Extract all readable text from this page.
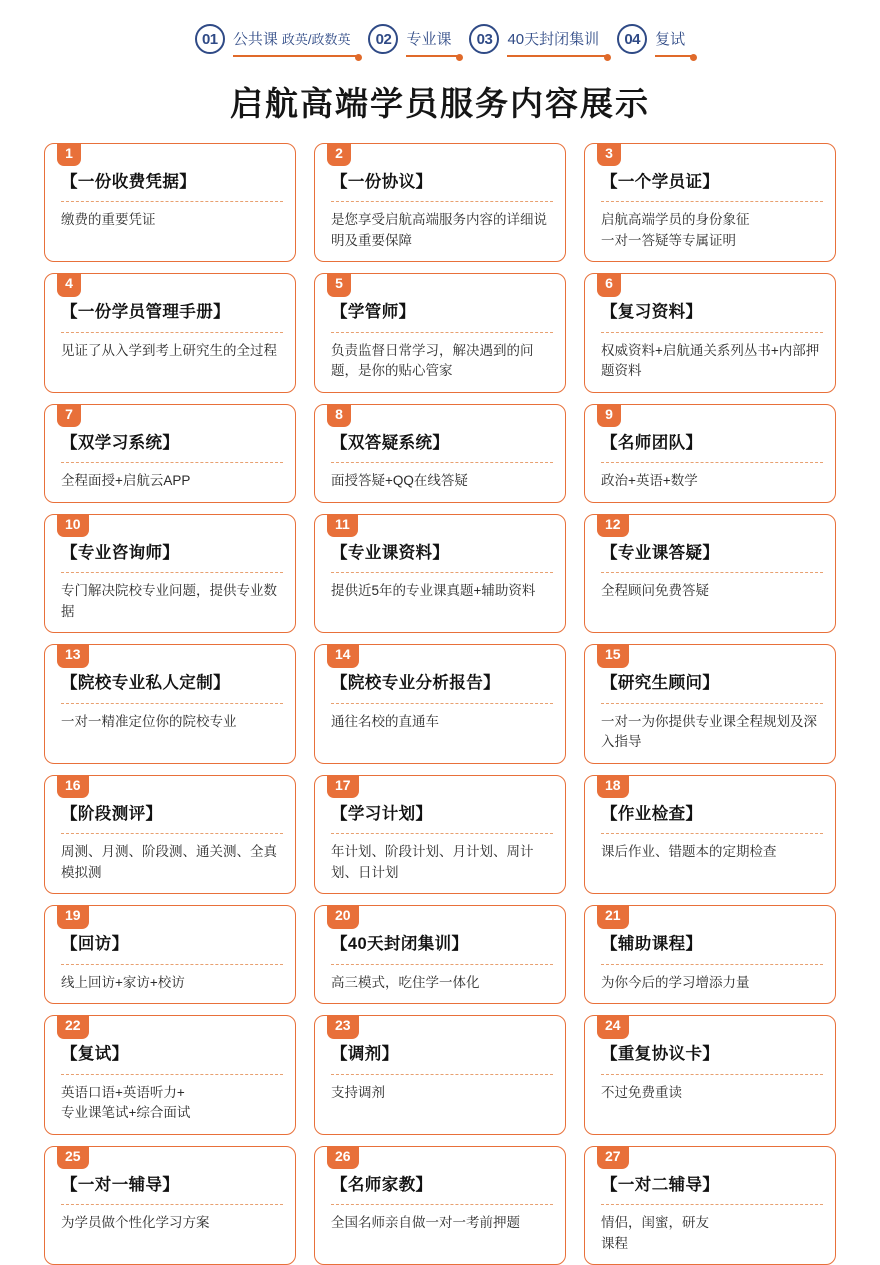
01	公共课 政英/政数英	02	专业课	03	40天封闭集训	04	复试
启航高端学员服务内容展示
1
【一份收费凭据】
缴费的重要凭证
2
【一份协议】
是您享受启航高端服务内容的详细说明及重要保障
3
【一个学员证】
启航高端学员的身份象征
一对一答疑等专属证明
4
【一份学员管理手册】
见证了从入学到考上研究生的全过程
5
【学管师】
负责监督日常学习，解决遇到的问题，是你的贴心管家
6
【复习资料】
权威资料+启航通关系列丛书+内部押题资料
7
【双学习系统】
全程面授+启航云APP
8
【双答疑系统】
面授答疑+QQ在线答疑
9
【名师团队】
政治+英语+数学
10
【专业咨询师】
专门解决院校专业问题，提供专业数据
11
【专业课资料】
提供近5年的专业课真题+辅助资料
12
【专业课答疑】
全程顾问免费答疑
13
【院校专业私人定制】
一对一精准定位你的院校专业
14
【院校专业分析报告】
通往名校的直通车
15
【研究生顾问】
一对一为你提供专业课全程规划及深入指导
16
【阶段测评】
周测、月测、阶段测、通关测、全真模拟测
17
【学习计划】
年计划、阶段计划、月计划、周计划、日计划
18
【作业检查】
课后作业、错题本的定期检查
19
【回访】
线上回访+家访+校访
20
【40天封闭集训】
高三模式，吃住学一体化
21
【辅助课程】
为你今后的学习增添力量
22
【复试】
英语口语+英语听力+
专业课笔试+综合面试
23
【调剂】
支持调剂
24
【重复协议卡】
不过免费重读
25
【一对一辅导】
为学员做个性化学习方案
26
【名师家教】
全国名师亲自做一对一考前押题
27
【一对二辅导】
情侣，闺蜜，研友
课程
